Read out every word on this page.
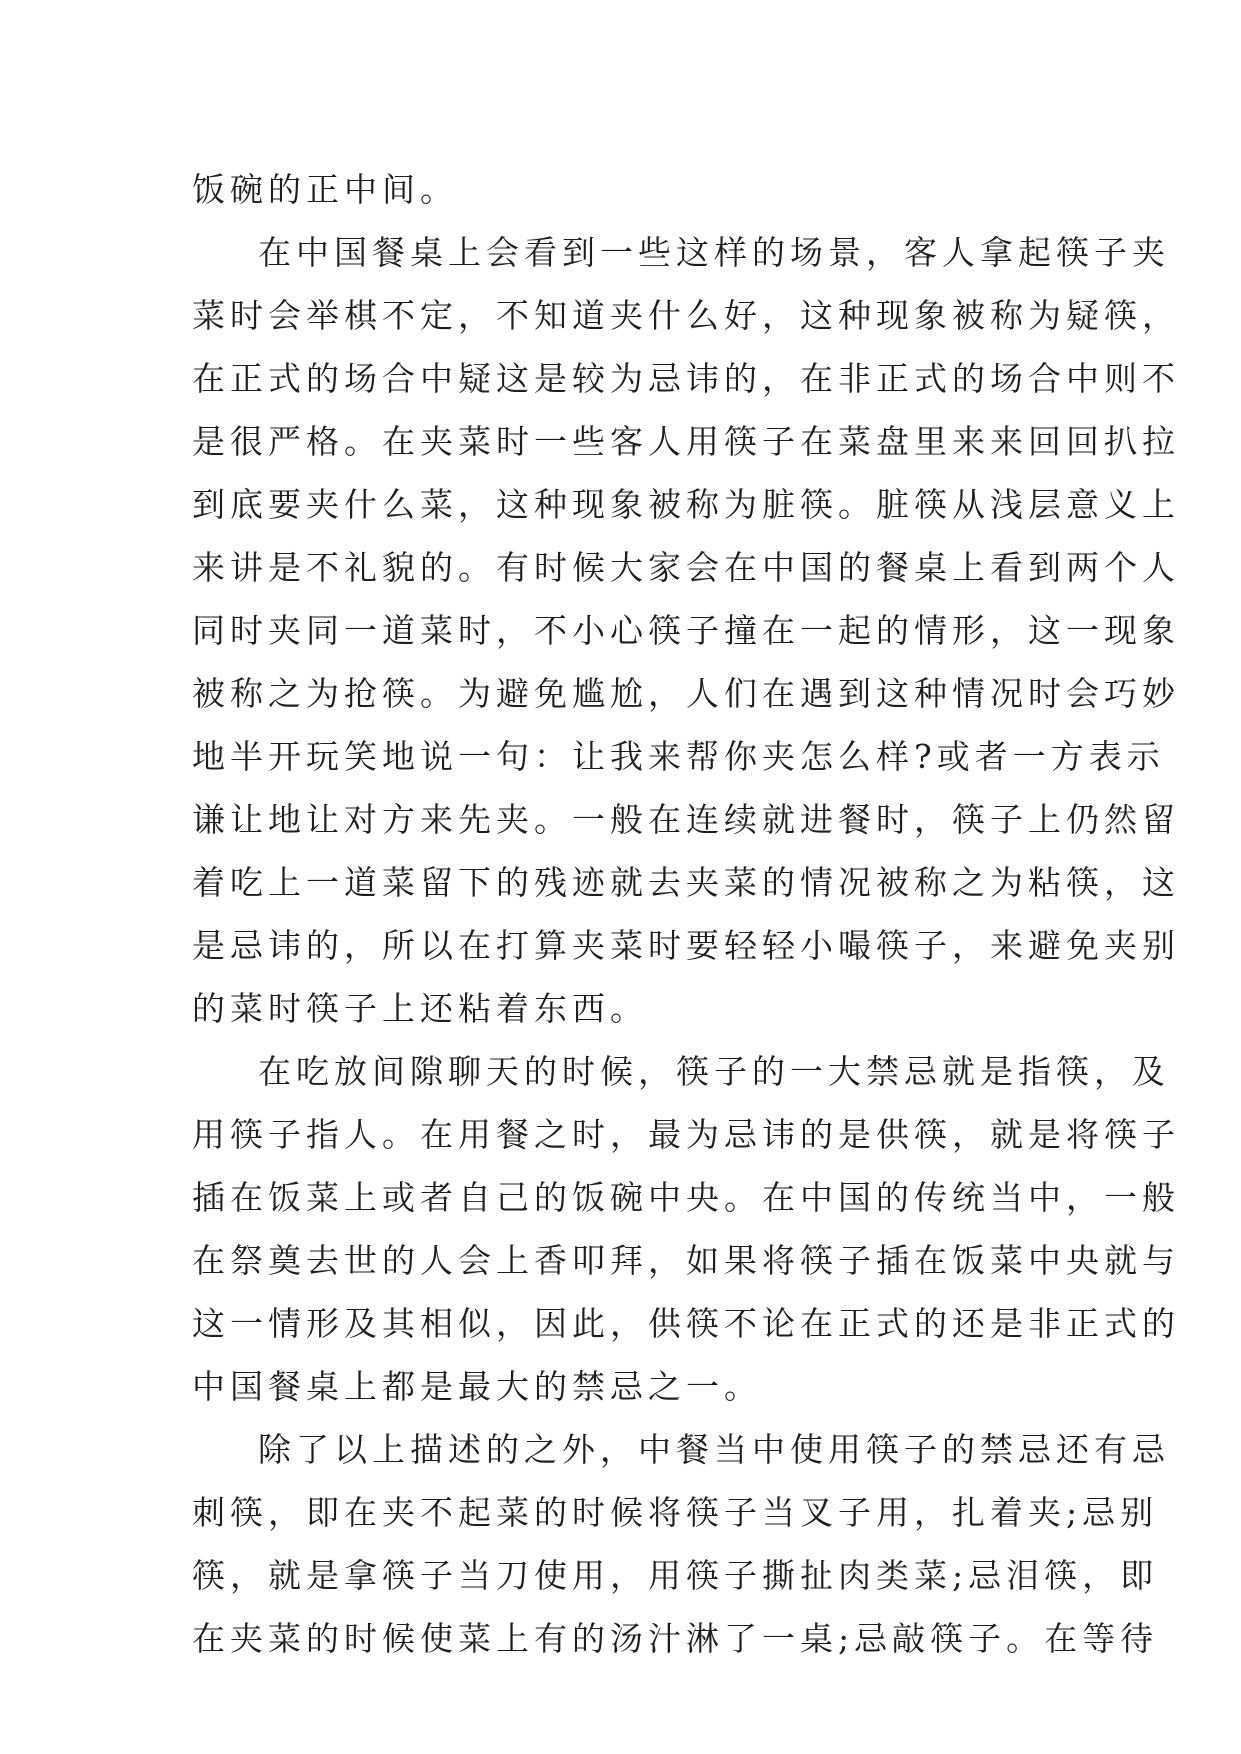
饭碗的正中间。
在中国餐桌上会看到一些这样的场景，客人拿起筷子夹
菜时会举棋不定，不知道夹什么好，这种现象被称为疑筷，
在正式的场合中疑这是较为忌讳的，在非正式的场合中则不
是很严格。在夹菜时一些客人用筷子在菜盘里来来回回扒拉
到底要夹什么菜，这种现象被称为脏筷。脏筷从浅层意义上
来讲是不礼貌的。有时候大家会在中国的餐桌上看到两个人
同时夹同一道菜时，不小心筷子撞在一起的情形，这一现象
被称之为抢筷。为避免尴尬，人们在遇到这种情况时会巧妙
地半开玩笑地说一句：让我来帮你夹怎么样?或者一方表示
谦让地让对方来先夹。一般在连续就进餐时，筷子上仍然留
着吃上一道菜留下的残迹就去夹菜的情况被称之为粘筷，这
是忌讳的，所以在打算夹菜时要轻轻小嘬筷子，来避免夹别
的菜时筷子上还粘着东西。
在吃放间隙聊天的时候，筷子的一大禁忌就是指筷，及
用筷子指人。在用餐之时，最为忌讳的是供筷，就是将筷子
插在饭菜上或者自己的饭碗中央。在中国的传统当中，一般
在祭奠去世的人会上香叩拜，如果将筷子插在饭菜中央就与
这一情形及其相似，因此，供筷不论在正式的还是非正式的
中国餐桌上都是最大的禁忌之一。
除了以上描述的之外，中餐当中使用筷子的禁忌还有忌
刺筷，即在夹不起菜的时候将筷子当叉子用，扎着夹;忌别
筷，就是拿筷子当刀使用，用筷子撕扯肉类菜;忌泪筷，即
在夹菜的时候使菜上有的汤汁淋了一桌;忌敲筷子。在等待
